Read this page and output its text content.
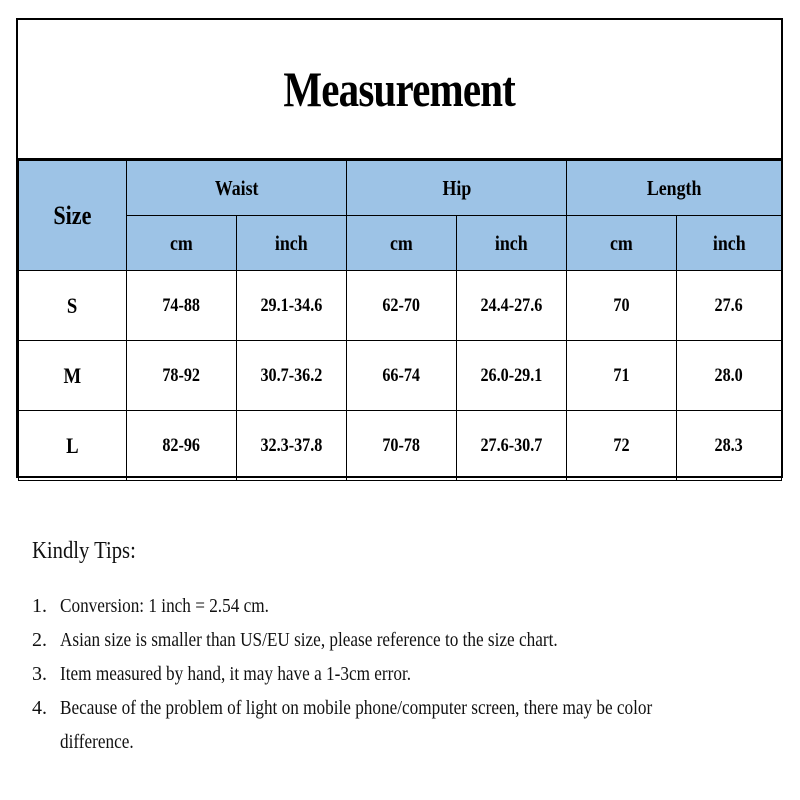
Measurement
Size	Waist		Hip		Length	
	cm	inch	cm	inch	cm	inch
S	74-88	29.1-34.6	62-70	24.4-27.6	70	27.6
M	78-92	30.7-36.2	66-74	26.0-29.1	71	28.0
L	82-96	32.3-37.8	70-78	27.6-30.7	72	28.3
Kindly Tips:
1. Conversion: 1 inch = 2.54 cm.
2. Asian size is smaller than US/EU size, please reference to the size chart.
3. Item measured by hand, it may have a 1-3cm error.
4. Because of the problem of light on mobile phone/computer screen, there may be color difference.
